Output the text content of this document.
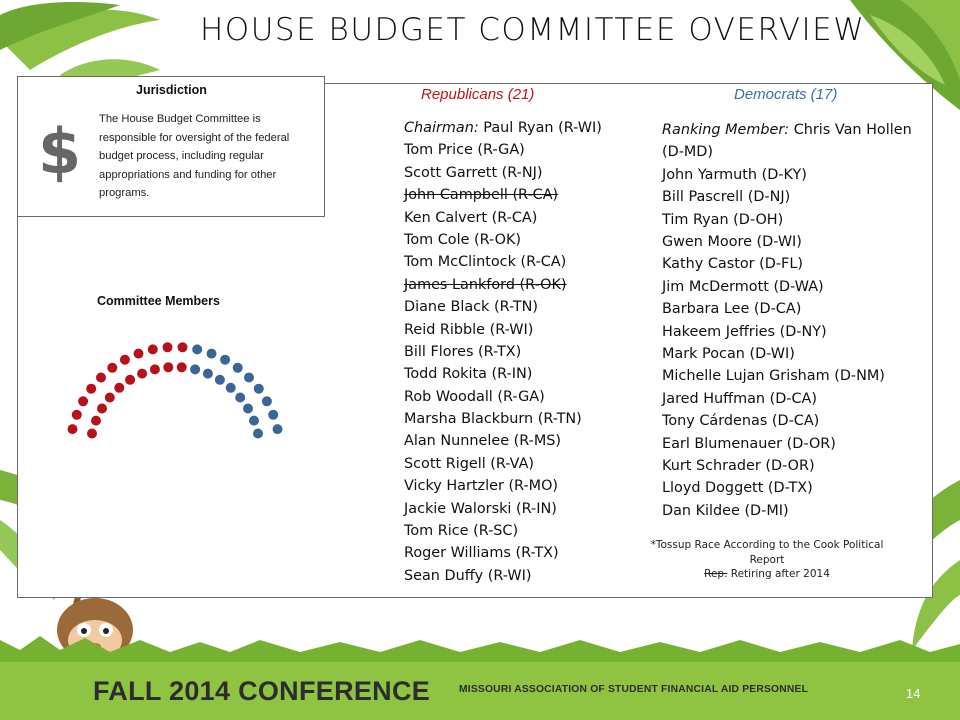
HOUSE BUDGET COMMITTEE OVERVIEW
Jurisdiction
$ The House Budget Committee is responsible for oversight of the federal budget process, including regular appropriations and funding for other programs.
Committee Members
Republicans (21)	Democrats (17)
Chairman: Paul Ryan (R-WI)
Tom Price (R-GA)
Scott Garrett (R-NJ)
John Campbell (R-CA)
Ken Calvert (R-CA)
Tom Cole (R-OK)
Tom McClintock (R-CA)
James Lankford (R-OK)
Diane Black (R-TN)
Reid Ribble (R-WI)
Bill Flores (R-TX)
Todd Rokita (R-IN)
Rob Woodall (R-GA)
Marsha Blackburn (R-TN)
Alan Nunnelee (R-MS)
Scott Rigell (R-VA)
Vicky Hartzler (R-MO)
Jackie Walorski (R-IN)
Tom Rice (R-SC)
Roger Williams (R-TX)
Sean Duffy (R-WI)
Ranking Member: Chris Van Hollen (D-MD)
John Yarmuth (D-KY)
Bill Pascrell (D-NJ)
Tim Ryan (D-OH)
Gwen Moore (D-WI)
Kathy Castor (D-FL)
Jim McDermott (D-WA)
Barbara Lee (D-CA)
Hakeem Jeffries (D-NY)
Mark Pocan (D-WI)
Michelle Lujan Grisham (D-NM)
Jared Huffman (D-CA)
Tony Cárdenas (D-CA)
Earl Blumenauer (D-OR)
Kurt Schrader (D-OR)
Lloyd Doggett (D-TX)
Dan Kildee (D-MI)
*Tossup Race According to the Cook Political Report
Rep. Retiring after 2014
FALL 2014 CONFERENCE	MISSOURI ASSOCIATION OF STUDENT FINANCIAL AID PERSONNEL	14
